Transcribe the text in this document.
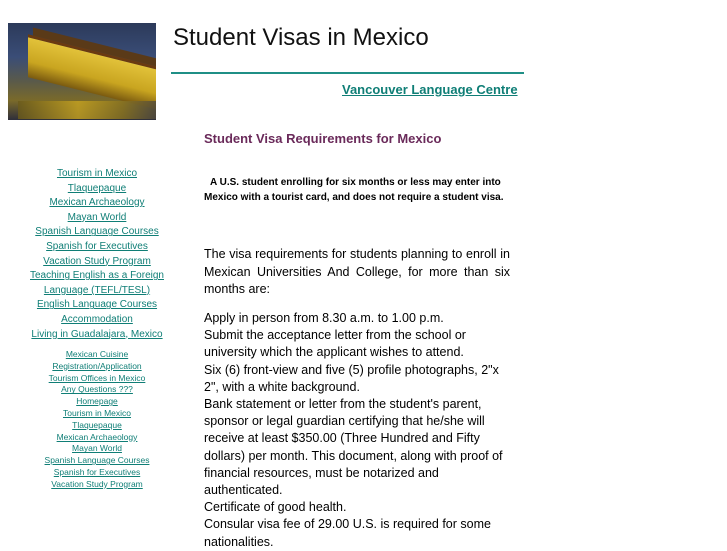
Student Visas in Mexico
Vancouver Language Centre
Tourism in Mexico
Tlaquepaque
Mexican Archaeology
Mayan World
Spanish Language Courses
Spanish for Executives
Vacation Study Program
Teaching English as a Foreign
Language (TEFL/TESL)
English Language Courses
Accommodation
Living in Guadalajara, Mexico
Mexican Cuisine
Registration/Application
Tourism Offices in Mexico
Any Questions ???
Homepage
Tourism in Mexico
Tlaquepaque
Mexican Archaeology
Mayan World
Spanish Language Courses
Spanish for Executives
Vacation Study Program
Student Visa Requirements for Mexico

A U.S. student enrolling for six months or less may enter into Mexico with a tourist card, and does not require a student visa.

The visa requirements for students planning to enroll in Mexican Universities And College, for more than six months are:

Apply in person from 8.30 a.m. to 1.00 p.m.
Submit the acceptance letter from the school or university which the applicant wishes to attend.
Six (6) front-view and five (5) profile photographs, 2"x 2", with a white background.
Bank statement or letter from the student's parent, sponsor or legal guardian certifying that he/she will receive at least $350.00 (Three Hundred and Fifty dollars) per month. This document, along with proof of financial resources, must be notarized and authenticated.
Certificate of good health.
Consular visa fee of 29.00 U.S. is required for some nationalities.
